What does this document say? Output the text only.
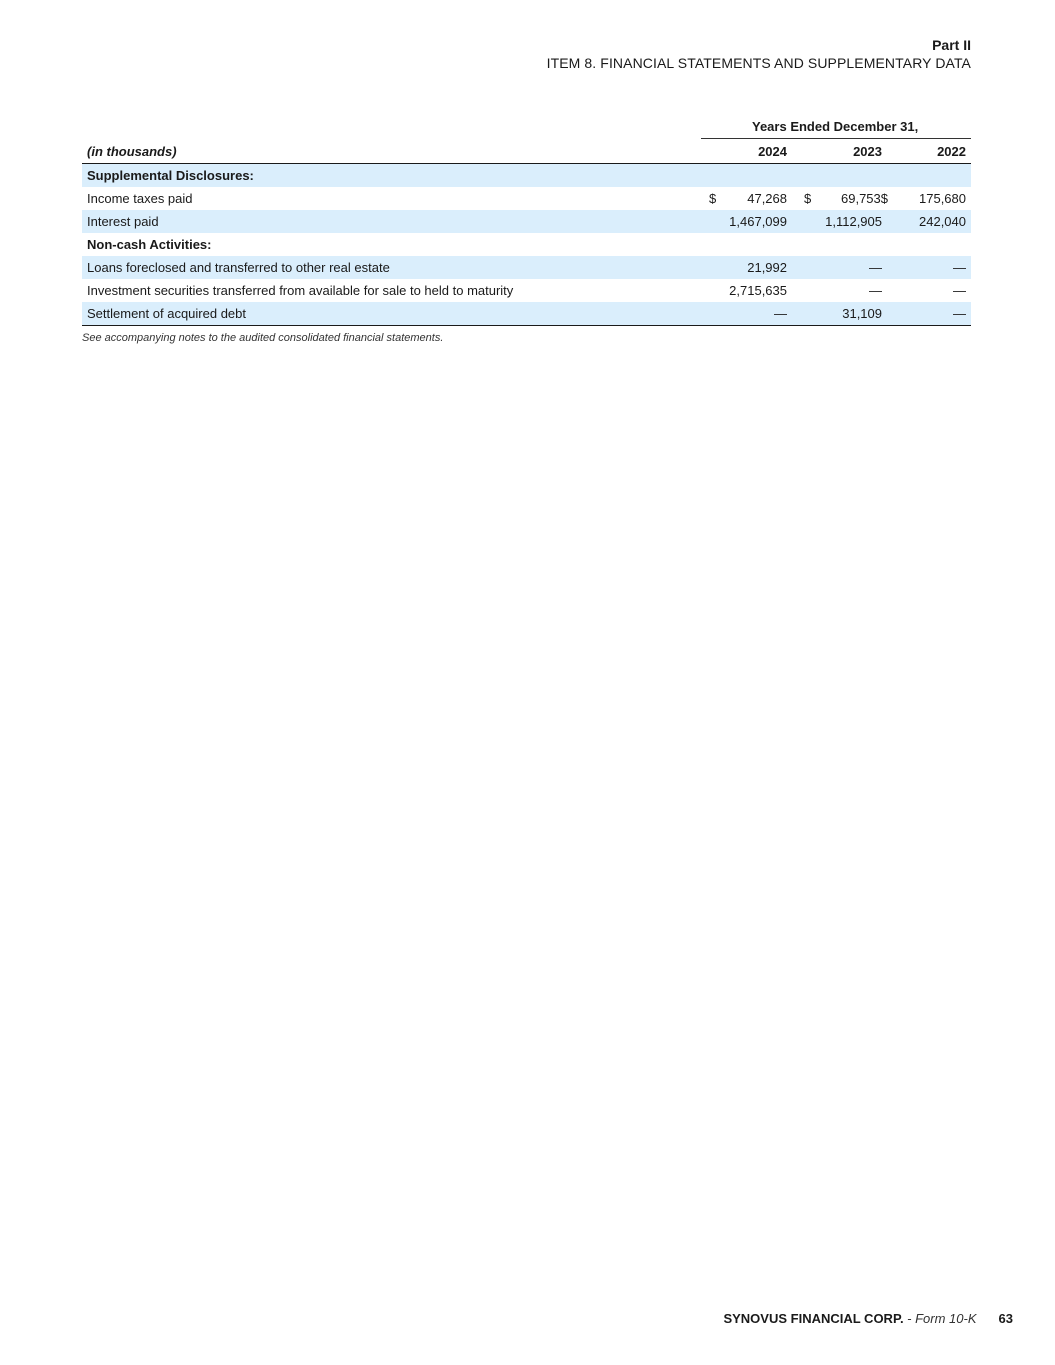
Part II
ITEM 8. FINANCIAL STATEMENTS AND SUPPLEMENTARY DATA
Years Ended December 31,
(in thousands)	2024	2023	2022
Supplemental Disclosures:
Income taxes paid	$ 47,268 $ 69,753$ 175,680
Interest paid	1,467,099	1,112,905	242,040
Non-cash Activities:
Loans foreclosed and transferred to other real estate	21,992	—	—
Investment securities transferred from available for sale to held to maturity	2,715,635	—	—
Settlement of acquired debt	—	31,109	—
See accompanying notes to the audited consolidated financial statements.
SYNOVUS FINANCIAL CORP. - Form 10-K 63
